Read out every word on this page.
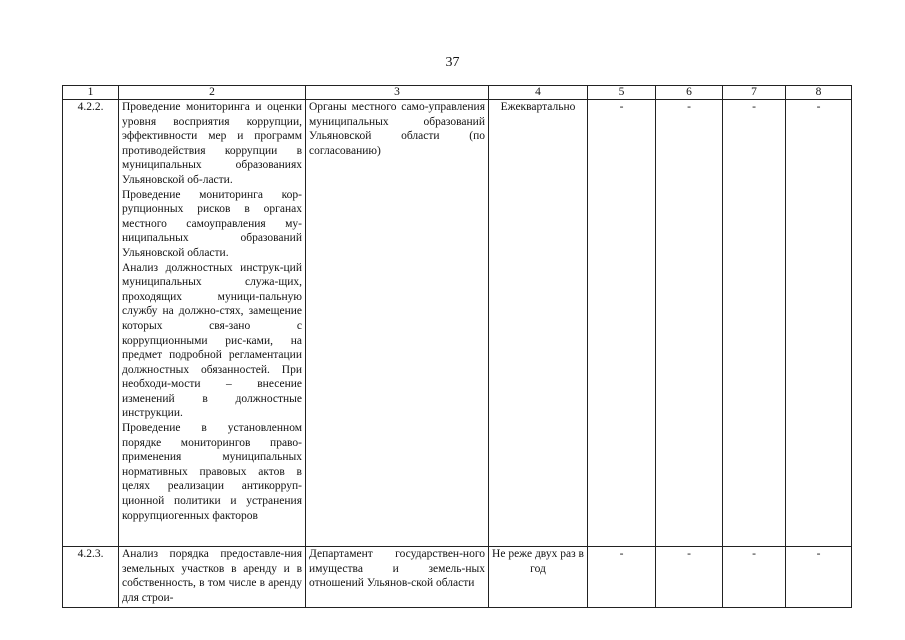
37
1	2	3	4	5	6	7	8
4.2.2.	Проведение мониторинга и оценки уровня восприятия коррупции, эффективности мер и программ противодействия коррупции в муниципальных образованиях Ульяновской об-ласти.

Проведение мониторинга кор-рупционных рисков в органах местного самоуправления му-ниципальных образований Ульяновской области.

Анализ должностных инструк-ций муниципальных служа-щих, проходящих муници-пальную службу на должно-стях, замещение которых свя-зано с коррупционными рис-ками, на предмет подробной регламентации должностных обязанностей. При необходи-мости – внесение изменений в должностные инструкции.

Проведение в установленном порядке мониторингов право-применения муниципальных нормативных правовых актов в целях реализации антикорруп-ционной политики и устранения коррупциогенных факторов	Органы местного само-управления муниципальных образований Ульяновской области (по согласованию)	Ежеквартально	-	-	-	-
4.2.3.	Анализ порядка предоставле-ния земельных участков в аренду и в собственность, в том числе в аренду для строи-	Департамент государствен-ного имущества и земель-ных отношений Ульянов-ской области	Не реже двух раз в год	-	-	-	-
